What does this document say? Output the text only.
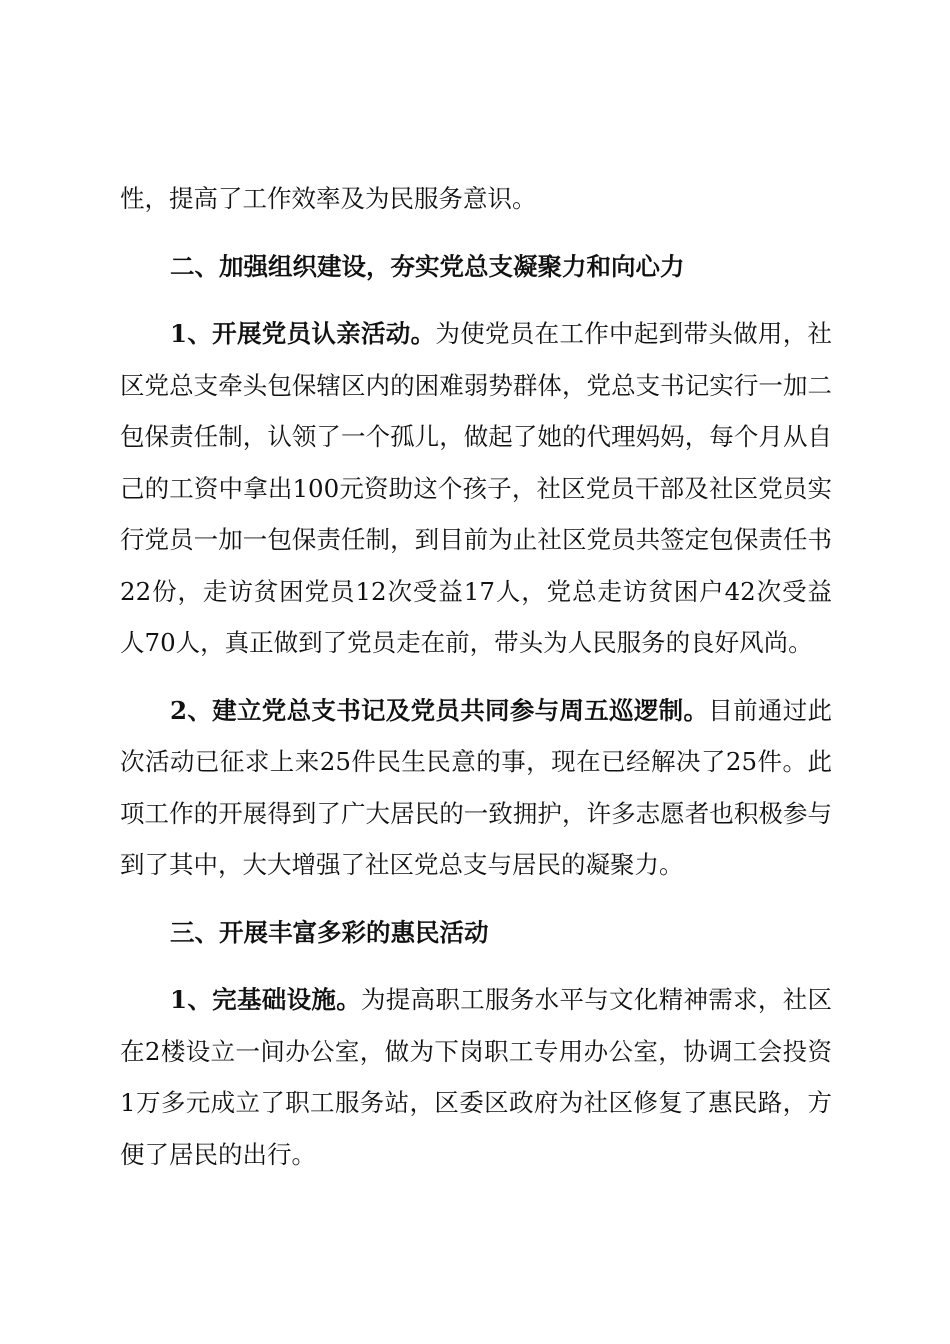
性，提高了工作效率及为民服务意识。

二、加强组织建设，夯实党总支凝聚力和向心力

1、开展党员认亲活动。为使党员在工作中起到带头做用，社区党总支牵头包保辖区内的困难弱势群体，党总支书记实行一加二包保责任制，认领了一个孤儿，做起了她的代理妈妈，每个月从自己的工资中拿出100元资助这个孩子，社区党员干部及社区党员实行党员一加一包保责任制，到目前为止社区党员共签定包保责任书22份，走访贫困党员12次受益17人，党总走访贫困户42次受益人70人，真正做到了党员走在前，带头为人民服务的良好风尚。

2、建立党总支书记及党员共同参与周五巡逻制。目前通过此次活动已征求上来25件民生民意的事，现在已经解决了25件。此项工作的开展得到了广大居民的一致拥护，许多志愿者也积极参与到了其中，大大增强了社区党总支与居民的凝聚力。

三、开展丰富多彩的惠民活动

1、完基础设施。为提高职工服务水平与文化精神需求，社区在2楼设立一间办公室，做为下岗职工专用办公室，协调工会投资1万多元成立了职工服务站，区委区政府为社区修复了惠民路，方便了居民的出行。
